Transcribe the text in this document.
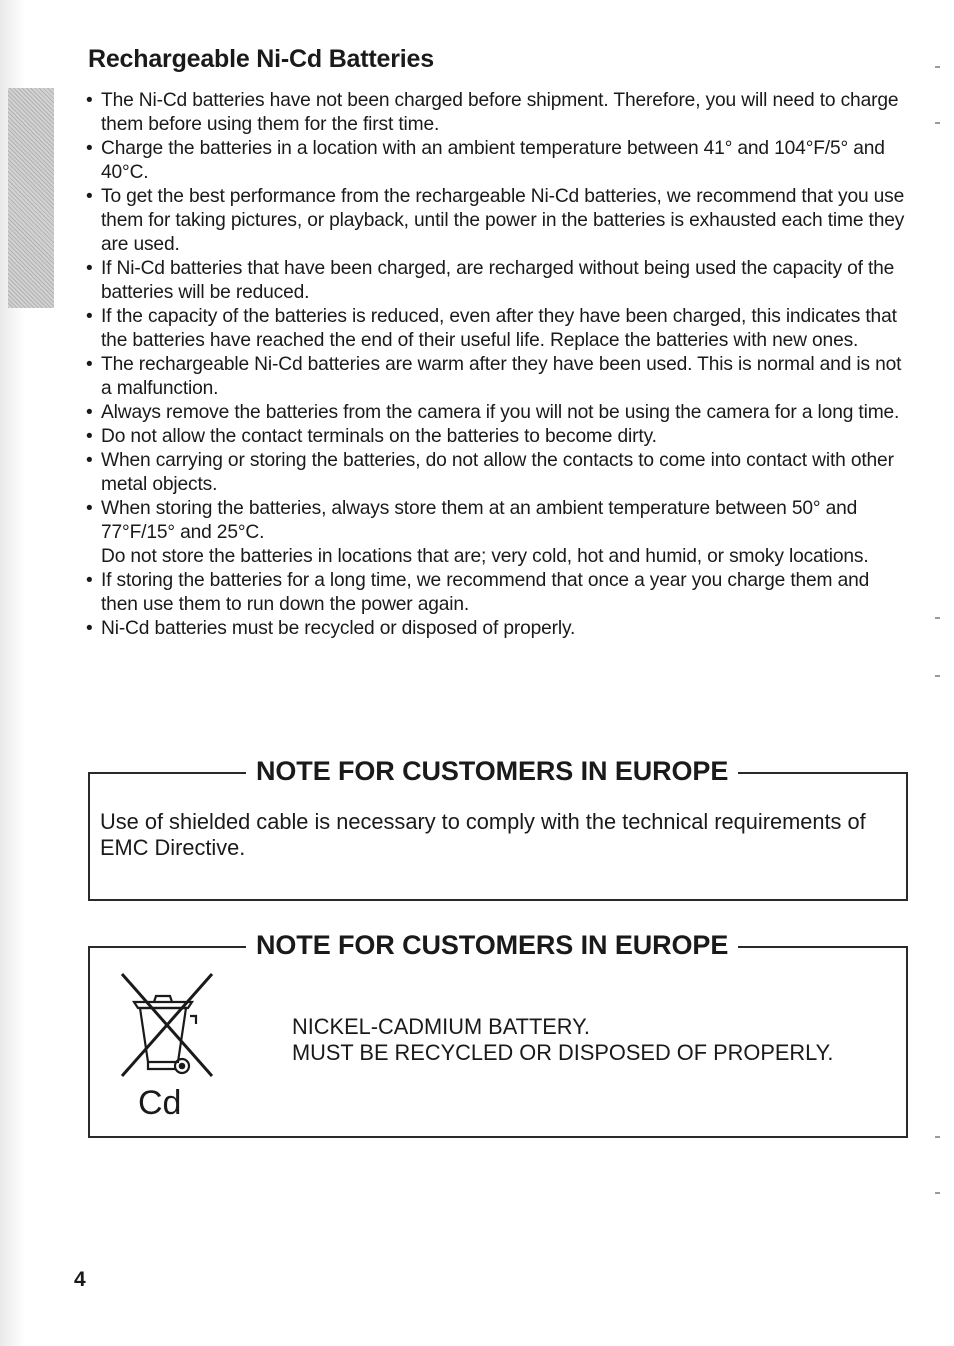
Rechargeable Ni-Cd Batteries
• The Ni-Cd batteries have not been charged before shipment. Therefore, you will need to charge them before using them for the first time.
• Charge the batteries in a location with an ambient temperature between 41° and 104°F/5° and 40°C.
• To get the best performance from the rechargeable Ni-Cd batteries, we recommend that you use them for taking pictures, or playback, until the power in the batteries is exhausted each time they are used.
• If Ni-Cd batteries that have been charged, are recharged without being used the capacity of the batteries will be reduced.
• If the capacity of the batteries is reduced, even after they have been charged, this indicates that the batteries have reached the end of their useful life. Replace the batteries with new ones.
• The rechargeable Ni-Cd batteries are warm after they have been used. This is normal and is not a malfunction.
• Always remove the batteries from the camera if you will not be using the camera for a long time.
• Do not allow the contact terminals on the batteries to become dirty.
• When carrying or storing the batteries, do not allow the contacts to come into contact with other metal objects.
• When storing the batteries, always store them at an ambient temperature between 50° and 77°F/15° and 25°C.
Do not store the batteries in locations that are; very cold, hot and humid, or smoky locations.
• If storing the batteries for a long time, we recommend that once a year you charge them and then use them to run down the power again.
• Ni-Cd batteries must be recycled or disposed of properly.
NOTE FOR CUSTOMERS IN EUROPE

Use of shielded cable is necessary to comply with the technical requirements of EMC Directive.

NOTE FOR CUSTOMERS IN EUROPE

Cd

NICKEL-CADMIUM BATTERY.
MUST BE RECYCLED OR DISPOSED OF PROPERLY.

4
